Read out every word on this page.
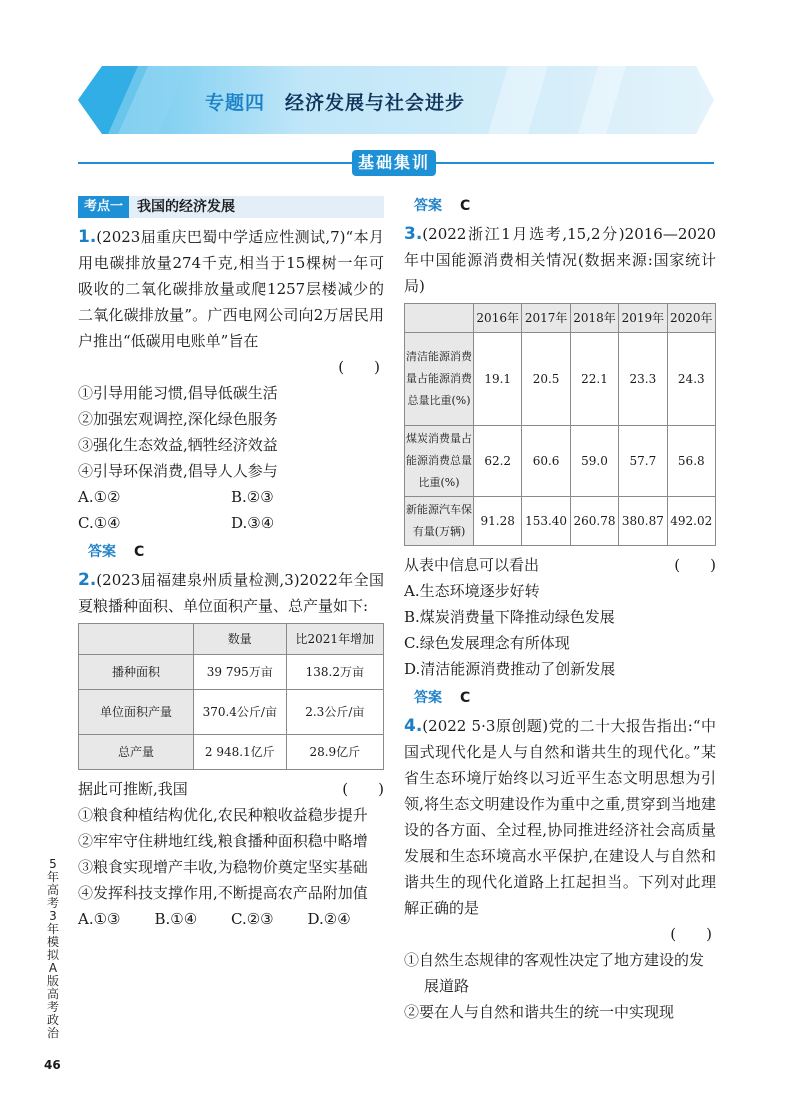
专题四 经济发展与社会进步
基础集训
考点一	我国的经济发展

1.(2023届重庆巴蜀中学适应性测试,7)“本月用电碳排放量274千克,相当于15棵树一年可吸收的二氧化碳排放量或爬1257层楼减少的二氧化碳排放量”。广西电网公司向2万居民用户推出“低碳用电账单”旨在

(　　)

①引导用能习惯,倡导低碳生活

②加强宏观调控,深化绿色服务

③强化生态效益,牺牲经济效益

④引导环保消费,倡导人人参与

A.①②	B.②③
C.①④	D.③④

答案 C

2.(2023届福建泉州质量检测,3)2022年全国夏粮播种面积、单位面积产量、总产量如下:

	数量	比2021年增加
播种面积	39 795万亩	138.2万亩
单位面积产量	370.4公斤/亩	2.3公斤/亩
总产量	2 948.1亿斤	28.9亿斤
据此可推断,我国	(　　)

①粮食种植结构优化,农民种粮收益稳步提升

②牢牢守住耕地红线,粮食播种面积稳中略增

③粮食实现增产丰收,为稳物价奠定坚实基础

④发挥科技支撑作用,不断提高农产品附加值

A.①③	B.①④	C.②③	D.②④

答案 C

3.(2022浙江1月选考,15,2分)2016—2020年中国能源消费相关情况(数据来源:国家统计局)

	2016年	2017年	2018年	2019年	2020年
清洁能源消费量占能源消费总量比重(%)	19.1	20.5	22.1	23.3	24.3
煤炭消费量占能源消费总量比重(%)	62.2	60.6	59.0	57.7	56.8
新能源汽车保有量(万辆)	91.28	153.40	260.78	380.87	492.02
从表中信息可以看出	(　　)

A.生态环境逐步好转

B.煤炭消费量下降推动绿色发展

C.绿色发展理念有所体现

D.清洁能源消费推动了创新发展

答案 C

4.(2022 5·3原创题)党的二十大报告指出:“中国式现代化是人与自然和谐共生的现代化。”某省生态环境厅始终以习近平生态文明思想为引领,将生态文明建设作为重中之重,贯穿到当地建设的各方面、全过程,协同推进经济社会高质量发展和生态环境高水平保护,在建设人与自然和谐共生的现代化道路上扛起担当。下列对此理解正确的是

(　　)

①自然生态规律的客观性决定了地方建设的发展道路

②要在人与自然和谐共生的统一中实现现

5年高考3年模拟A版高考政治
46
